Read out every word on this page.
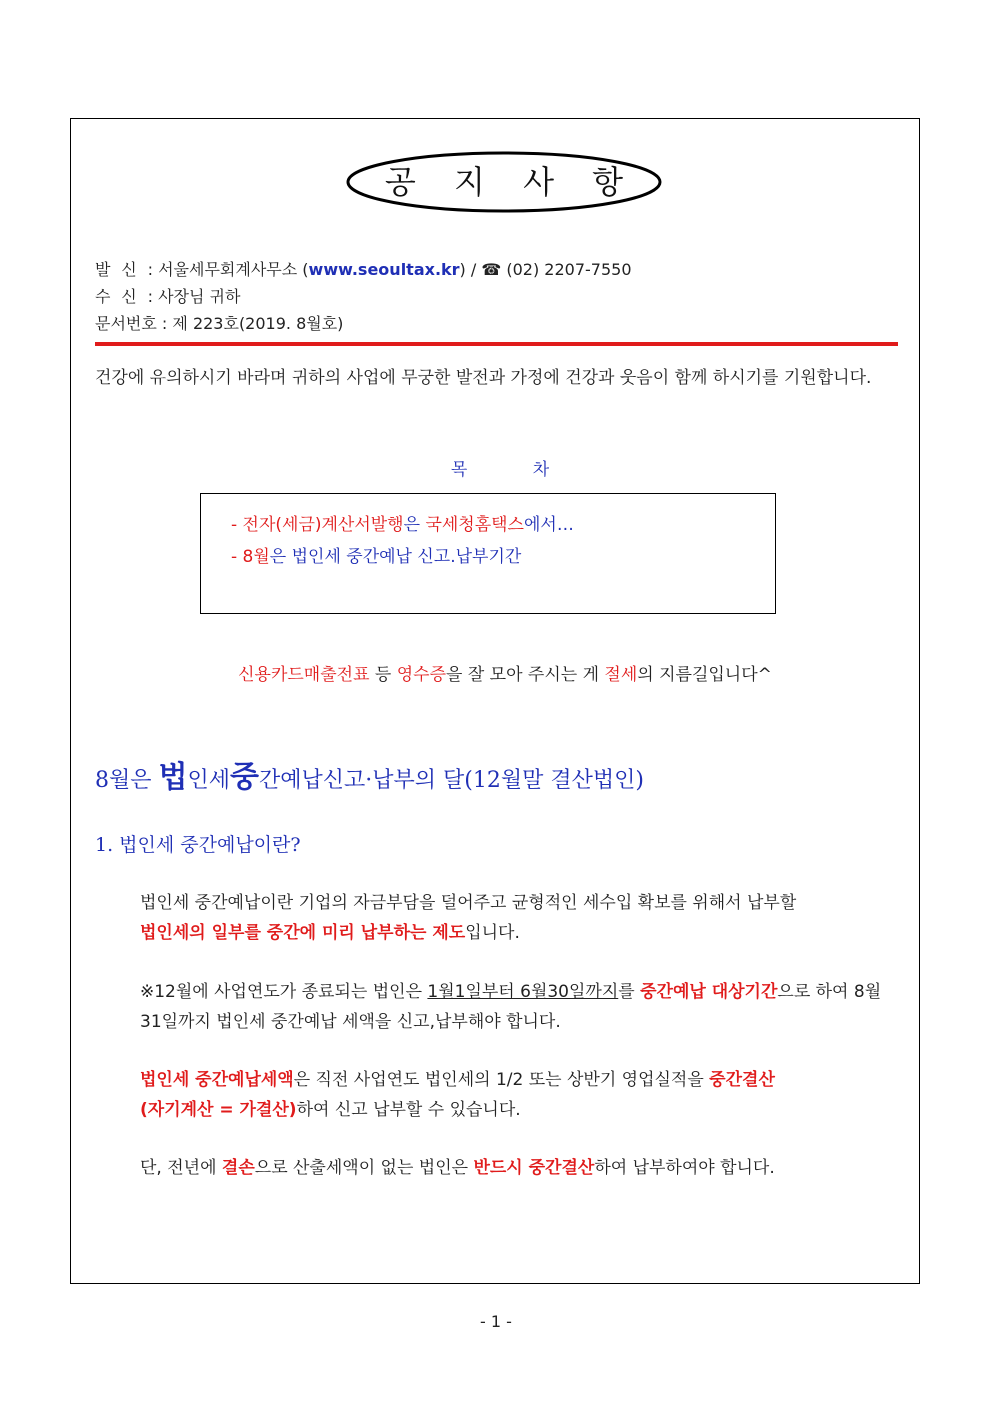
공 지 사 항
발 신 : 서울세무회계사무소 (www.seoultax.kr) / ☎ (02) 2207-7550
수 신 : 사장님 귀하
문서번호 : 제 223호(2019. 8월호)
건강에 유의하시기 바라며 귀하의 사업에 무궁한 발전과 가정에 건강과 웃음이 함께 하시기를 기원합니다.
목 차
- 전자(세금)계산서발행은 국세청홈택스에서…
- 8월은 법인세 중간예납 신고.납부기간
신용카드매출전표 등 영수증을 잘 모아 주시는 게 절세의 지름길입니다^
8월은 법인세중간예납신고·납부의 달(12월말 결산법인)
1. 법인세 중간예납이란?
법인세 중간예납이란 기업의 자금부담을 덜어주고 균형적인 세수입 확보를 위해서 납부할
법인세의 일부를 중간에 미리 납부하는 제도입니다.
※12월에 사업연도가 종료되는 법인은 1월1일부터 6월30일까지를 중간예납 대상기간으로 하여 8월 31일까지 법인세 중간예납 세액을 신고,납부해야 합니다.
법인세 중간예납세액은 직전 사업연도 법인세의 1/2 또는 상반기 영업실적을 중간결산
(자기계산 = 가결산)하여 신고 납부할 수 있습니다.
단, 전년에 결손으로 산출세액이 없는 법인은 반드시 중간결산하여 납부하여야 합니다.
- 1 -
